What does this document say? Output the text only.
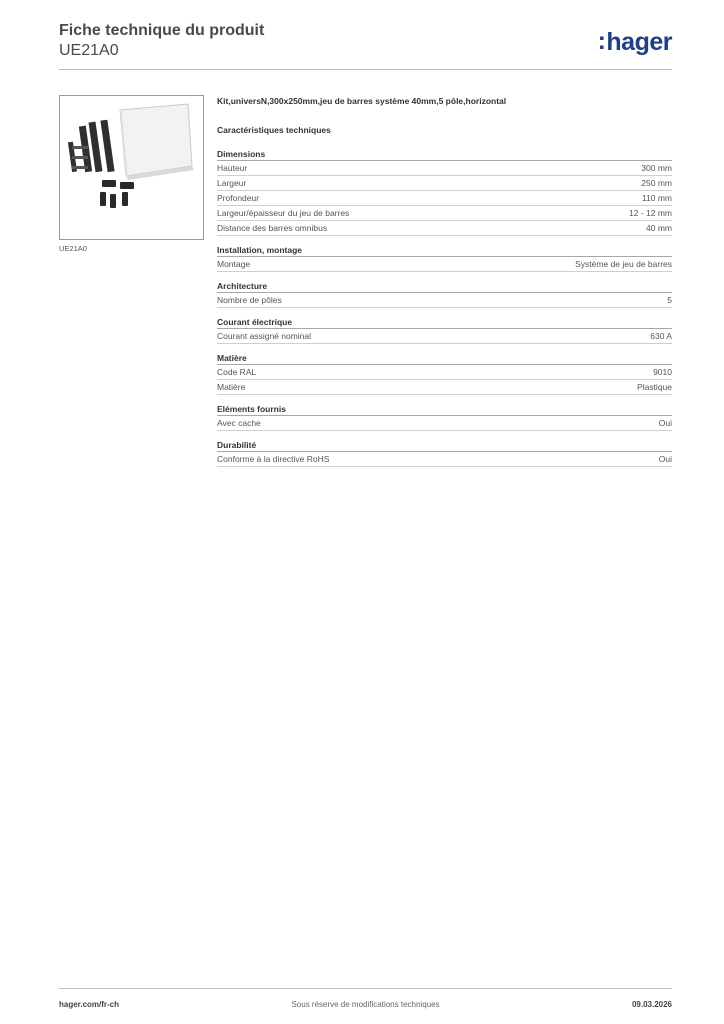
Fiche technique du produit
UE21A0	:hager
UE21A0
Kit,universN,300x250mm,jeu de barres système 40mm,5 pôle,horizontal
Caractéristiques techniques
Dimensions
Hauteur	300 mm
Largeur	250 mm
Profondeur	110 mm
Largeur/épaisseur du jeu de barres	12 - 12 mm
Distance des barres omnibus	40 mm
Installation, montage
Montage	Système de jeu de barres
Architecture
Nombre de pôles	5
Courant électrique
Courant assigné nominal	630 A
Matière
Code RAL	9010
Matière	Plastique
Eléments fournis
Avec cache	Oui
Durabilité
Conforme à la directive RoHS	Oui
hager.com/fr-ch	Sous réserve de modifications techniques	09.03.2026
